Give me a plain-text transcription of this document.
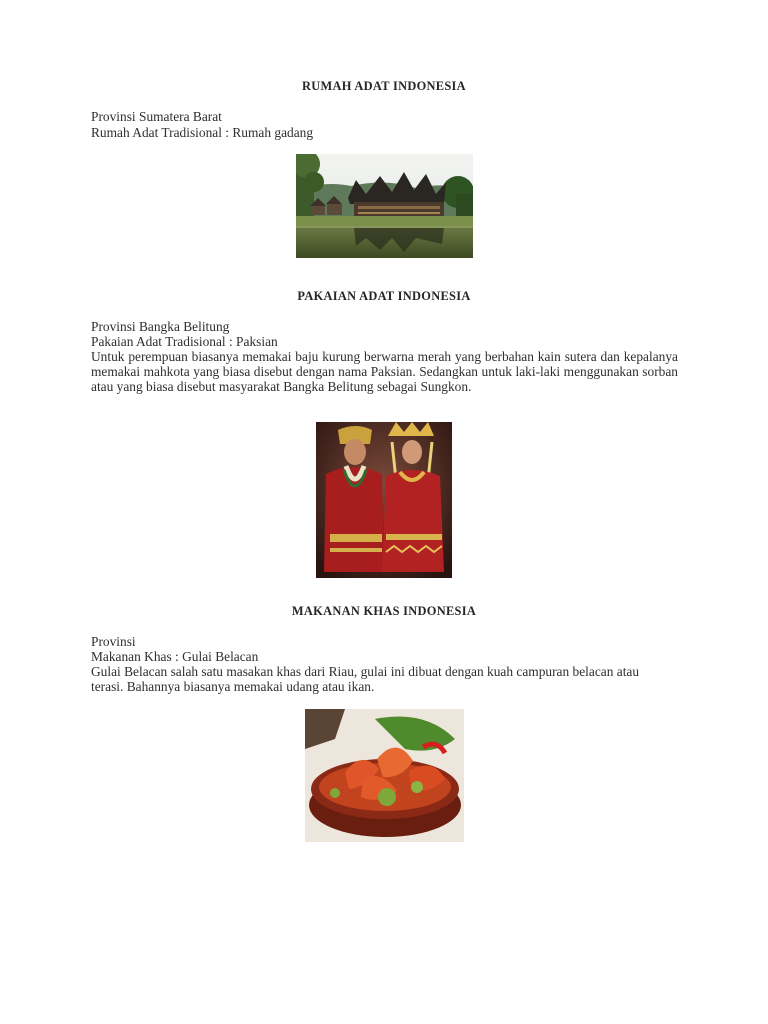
RUMAH ADAT INDONESIA
Provinsi Sumatera Barat
Rumah Adat Tradisional : Rumah gadang
PAKAIAN ADAT INDONESIA
Provinsi Bangka Belitung
Pakaian Adat Tradisional : Paksian
Untuk perempuan biasanya memakai baju kurung berwarna merah yang berbahan kain sutera dan kepalanya memakai mahkota yang biasa disebut dengan nama Paksian. Sedangkan untuk laki-laki menggunakan sorban atau yang biasa disebut masyarakat Bangka Belitung sebagai Sungkon.
MAKANAN KHAS INDONESIA
Provinsi
Makanan Khas : Gulai Belacan
Gulai Belacan salah satu masakan khas dari Riau, gulai ini dibuat dengan kuah campuran belacan atau terasi. Bahannya biasanya memakai udang atau ikan.
